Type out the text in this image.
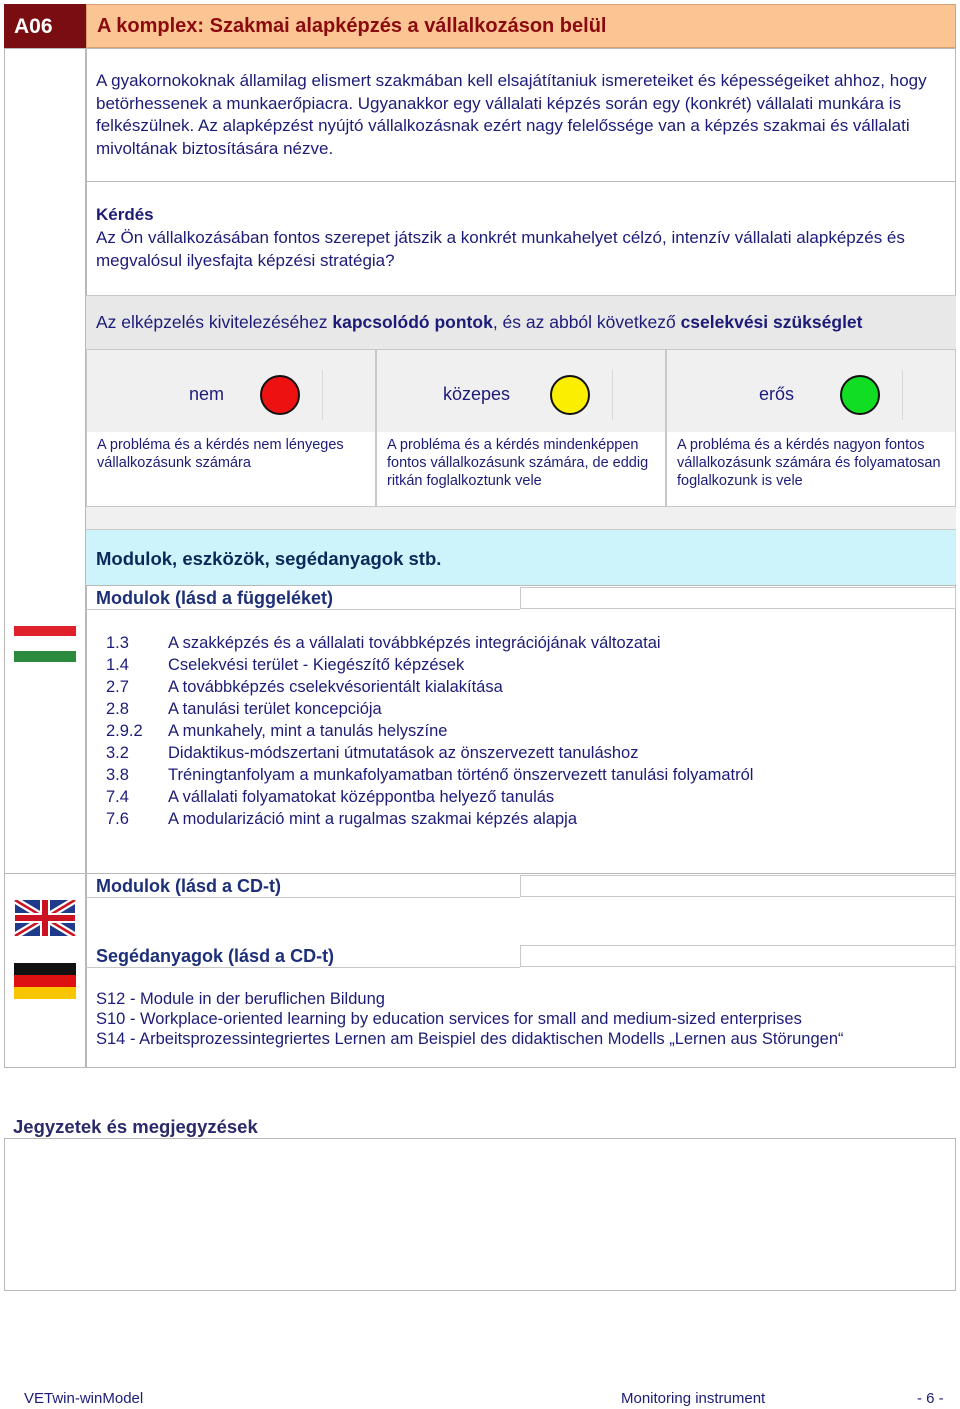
A06	A komplex: Szakmai alapképzés a vállalkozáson belül
A gyakornokoknak államilag elismert szakmában kell elsajátítaniuk ismereteiket és képességeiket ahhoz, hogy betörhessenek a munkaerőpiacra. Ugyanakkor egy vállalati képzés során egy (konkrét) vállalati munkára is felkészülnek. Az alapképzést nyújtó vállalkozásnak ezért nagy felelőssége van a képzés szakmai és vállalati mivoltának biztosítására nézve.
Kérdés
Az Ön vállalkozásában fontos szerepet játszik a konkrét munkahelyet célzó, intenzív vállalati alapképzés és megvalósul ilyesfajta képzési stratégia?
Az elképzelés kivitelezéséhez kapcsolódó pontok, és az abból következő cselekvési szükséglet
nem
A probléma és a kérdés nem lényeges vállalkozásunk számára
közepes
A probléma és a kérdés mindenképpen fontos vállalkozásunk számára, de eddig ritkán foglalkoztunk vele
erős
A probléma és a kérdés nagyon fontos vállalkozásunk számára és folyamatosan foglalkozunk is vele
Modulok, eszközök, segédanyagok stb.
Modulok (lásd a függeléket)
1.3 A szakképzés és a vállalati továbbképzés integrációjának változatai
1.4 Cselekvési terület - Kiegészítő képzések
2.7 A továbbképzés cselekvésorientált kialakítása
2.8 A tanulási terület koncepciója
2.9.2 A munkahely, mint a tanulás helyszíne
3.2 Didaktikus-módszertani útmutatások az önszervezett tanuláshoz
3.8 Tréningtanfolyam a munkafolyamatban történő önszervezett tanulási folyamatról
7.4 A vállalati folyamatokat középpontba helyező tanulás
7.6 A modularizáció mint a rugalmas szakmai képzés alapja
Modulok (lásd a CD-t)
Segédanyagok (lásd a CD-t)
S12 - Module in der beruflichen Bildung
S10 - Workplace-oriented learning by education services for small and medium-sized enterprises
S14 - Arbeitsprozessintegriertes Lernen am Beispiel des didaktischen Modells „Lernen aus Störungen“
Jegyzetek és megjegyzések
VETwin-winModel	Monitoring instrument	- 6 -
